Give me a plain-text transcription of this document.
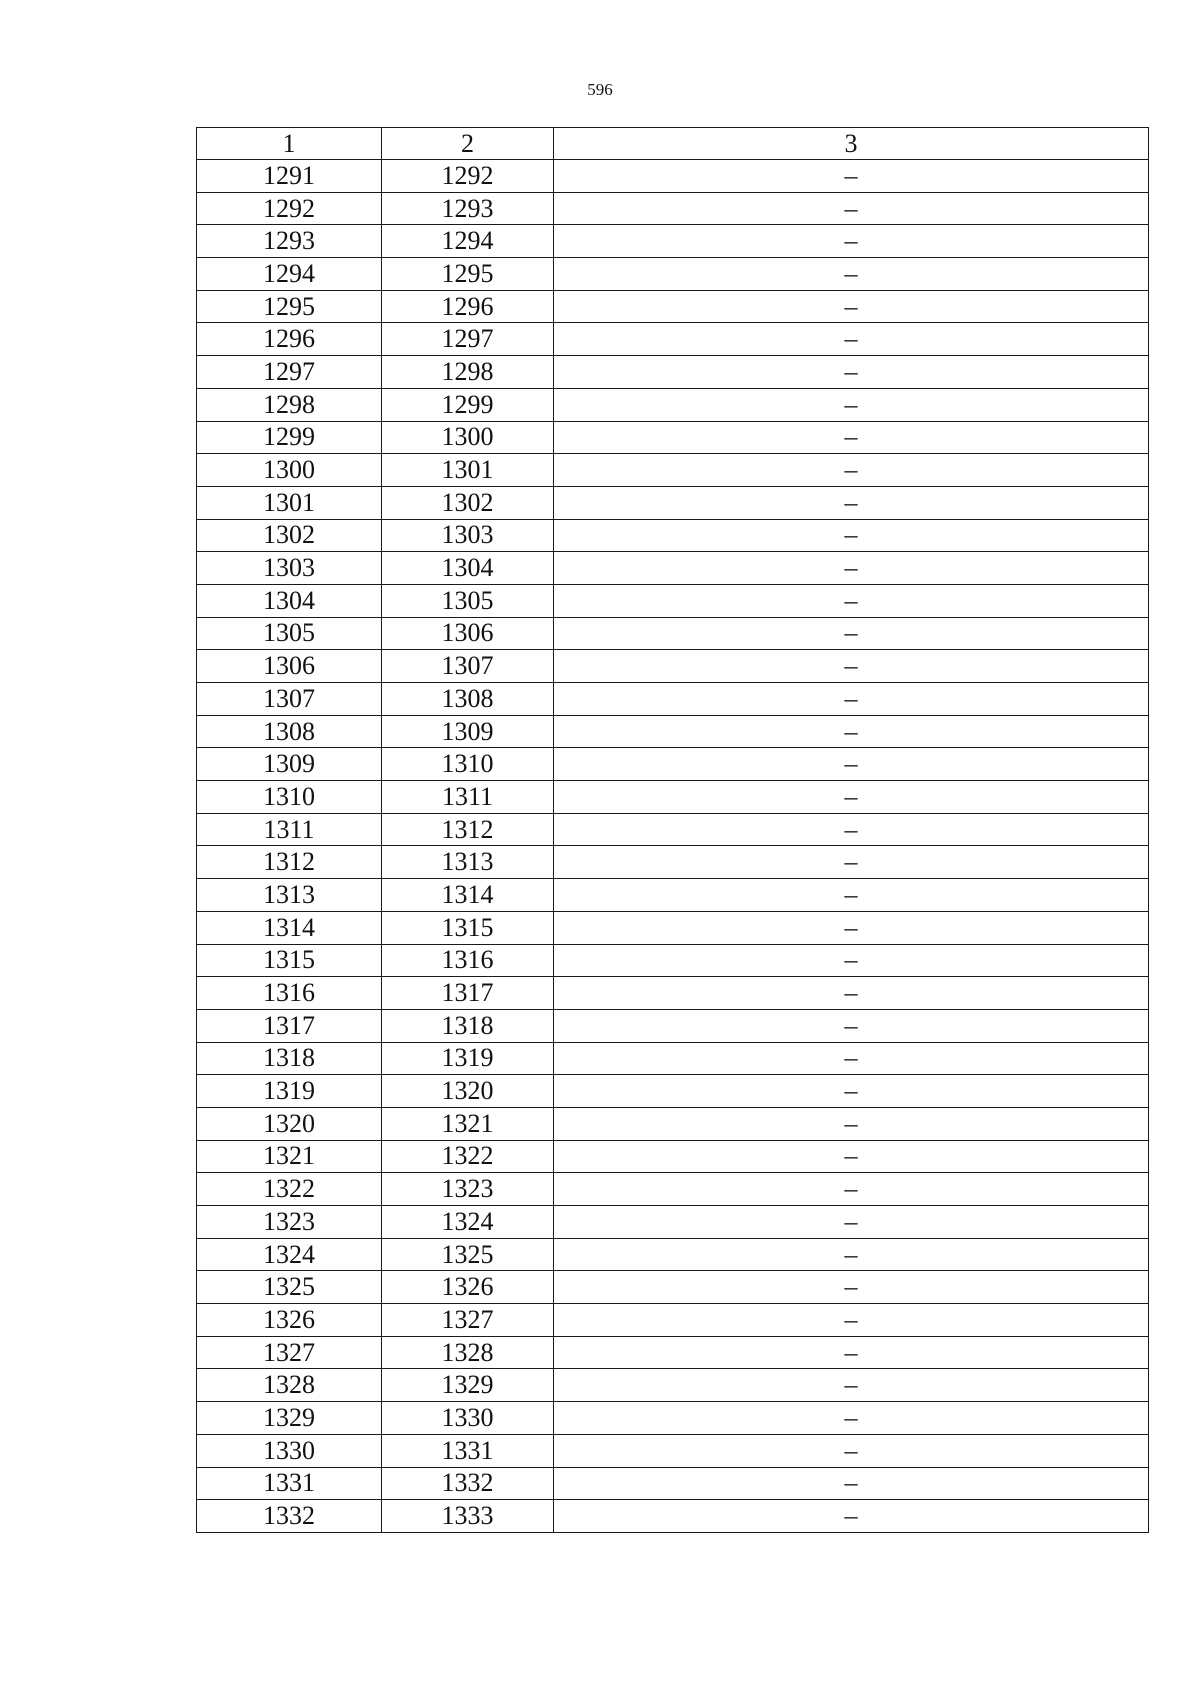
596
1	2	3
1291	1292	–
1292	1293	–
1293	1294	–
1294	1295	–
1295	1296	–
1296	1297	–
1297	1298	–
1298	1299	–
1299	1300	–
1300	1301	–
1301	1302	–
1302	1303	–
1303	1304	–
1304	1305	–
1305	1306	–
1306	1307	–
1307	1308	–
1308	1309	–
1309	1310	–
1310	1311	–
1311	1312	–
1312	1313	–
1313	1314	–
1314	1315	–
1315	1316	–
1316	1317	–
1317	1318	–
1318	1319	–
1319	1320	–
1320	1321	–
1321	1322	–
1322	1323	–
1323	1324	–
1324	1325	–
1325	1326	–
1326	1327	–
1327	1328	–
1328	1329	–
1329	1330	–
1330	1331	–
1331	1332	–
1332	1333	–
